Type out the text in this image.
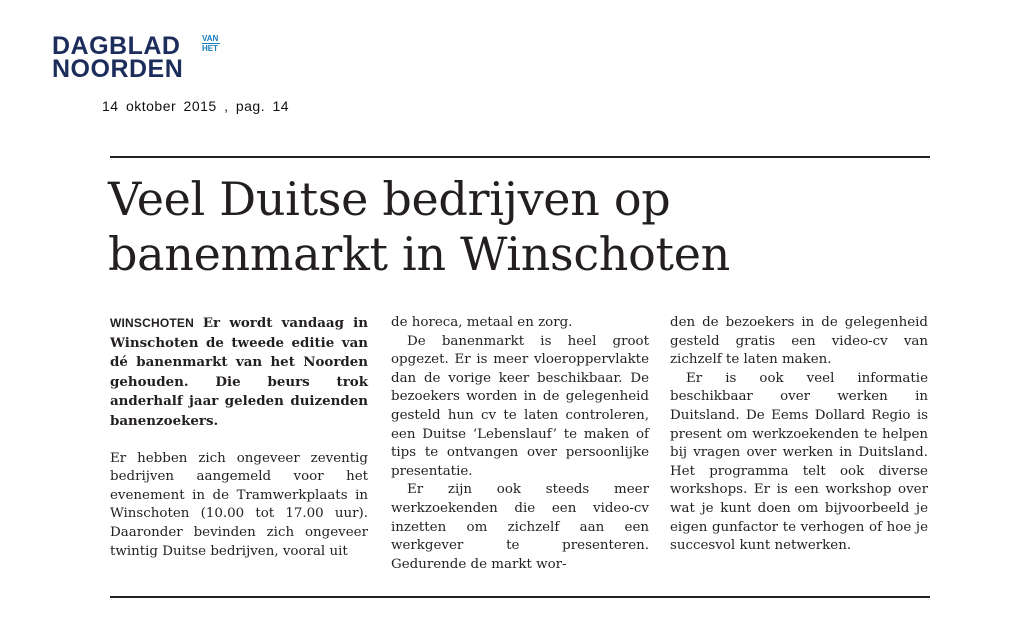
DAGBLAD	VAN
HET
NOORDEN
14 oktober 2015 , pag. 14
Veel Duitse bedrijven op banenmarkt in Winschoten

WINSCHOTEN Er wordt vandaag in Winschoten de tweede editie van dé banenmarkt van het Noorden gehouden. Die beurs trok anderhalf jaar geleden duizenden banenzoekers.

Er hebben zich ongeveer zeventig bedrijven aangemeld voor het evenement in de Tramwerkplaats in Winschoten (10.00 tot 17.00 uur). Daaronder bevinden zich ongeveer twintig Duitse bedrijven, vooral uit

de horeca, metaal en zorg.

De banenmarkt is heel groot opgezet. Er is meer vloeroppervlakte dan de vorige keer beschikbaar. De bezoekers worden in de gelegenheid gesteld hun cv te laten controleren, een Duitse ‘Lebenslauf’ te maken of tips te ontvangen over persoonlijke presentatie.

Er zijn ook steeds meer werkzoekenden die een video-cv inzetten om zichzelf aan een werkgever te presenteren. Gedurende de markt wor-

den de bezoekers in de gelegenheid gesteld gratis een video-cv van zichzelf te laten maken.

Er is ook veel informatie beschikbaar over werken in Duitsland. De Eems Dollard Regio is present om werkzoekenden te helpen bij vragen over werken in Duitsland. Het programma telt ook diverse workshops. Er is een workshop over wat je kunt doen om bijvoorbeeld je eigen gunfactor te verhogen of hoe je succesvol kunt netwerken.
